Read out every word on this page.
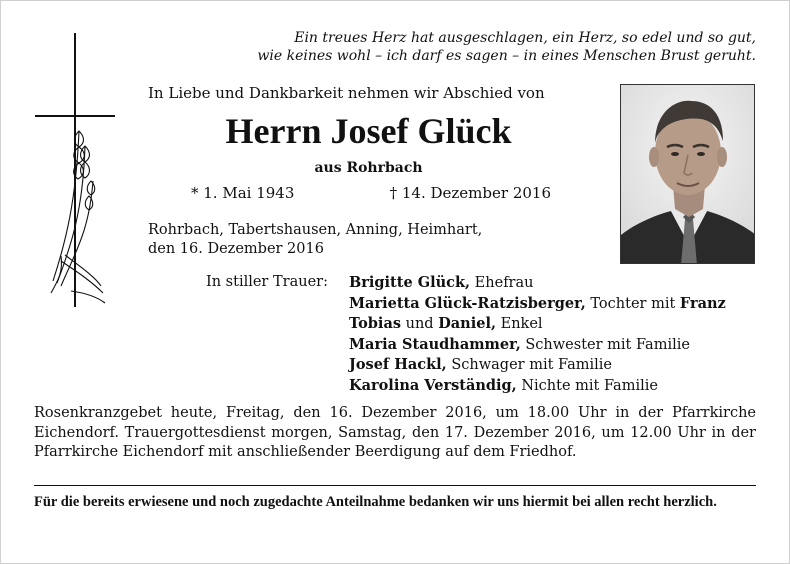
Ein treues Herz hat ausgeschlagen, ein Herz, so edel und so gut,
wie keines wohl – ich darf es sagen – in eines Menschen Brust geruht.
In Liebe und Dankbarkeit nehmen wir Abschied von
Herrn Josef Glück
aus Rohrbach
* 1. Mai 1943	† 14. Dezember 2016
Rohrbach, Tabertshausen, Anning, Heimhart,
den 16. Dezember 2016
In stiller Trauer:	Brigitte Glück, Ehefrau
Marietta Glück-Ratzisberger, Tochter mit Franz
Tobias und Daniel, Enkel
Maria Staudhammer, Schwester mit Familie
Josef Hackl, Schwager mit Familie
Karolina Verständig, Nichte mit Familie
Rosenkranzgebet heute, Freitag, den 16. Dezember 2016, um 18.00 Uhr in der Pfarrkirche Eichendorf. Trauergottesdienst morgen, Samstag, den 17. Dezember 2016, um 12.00 Uhr in der Pfarrkirche Eichendorf mit anschließender Beerdigung auf dem Friedhof.
Für die bereits erwiesene und noch zugedachte Anteilnahme bedanken wir uns hiermit bei allen recht herzlich.
